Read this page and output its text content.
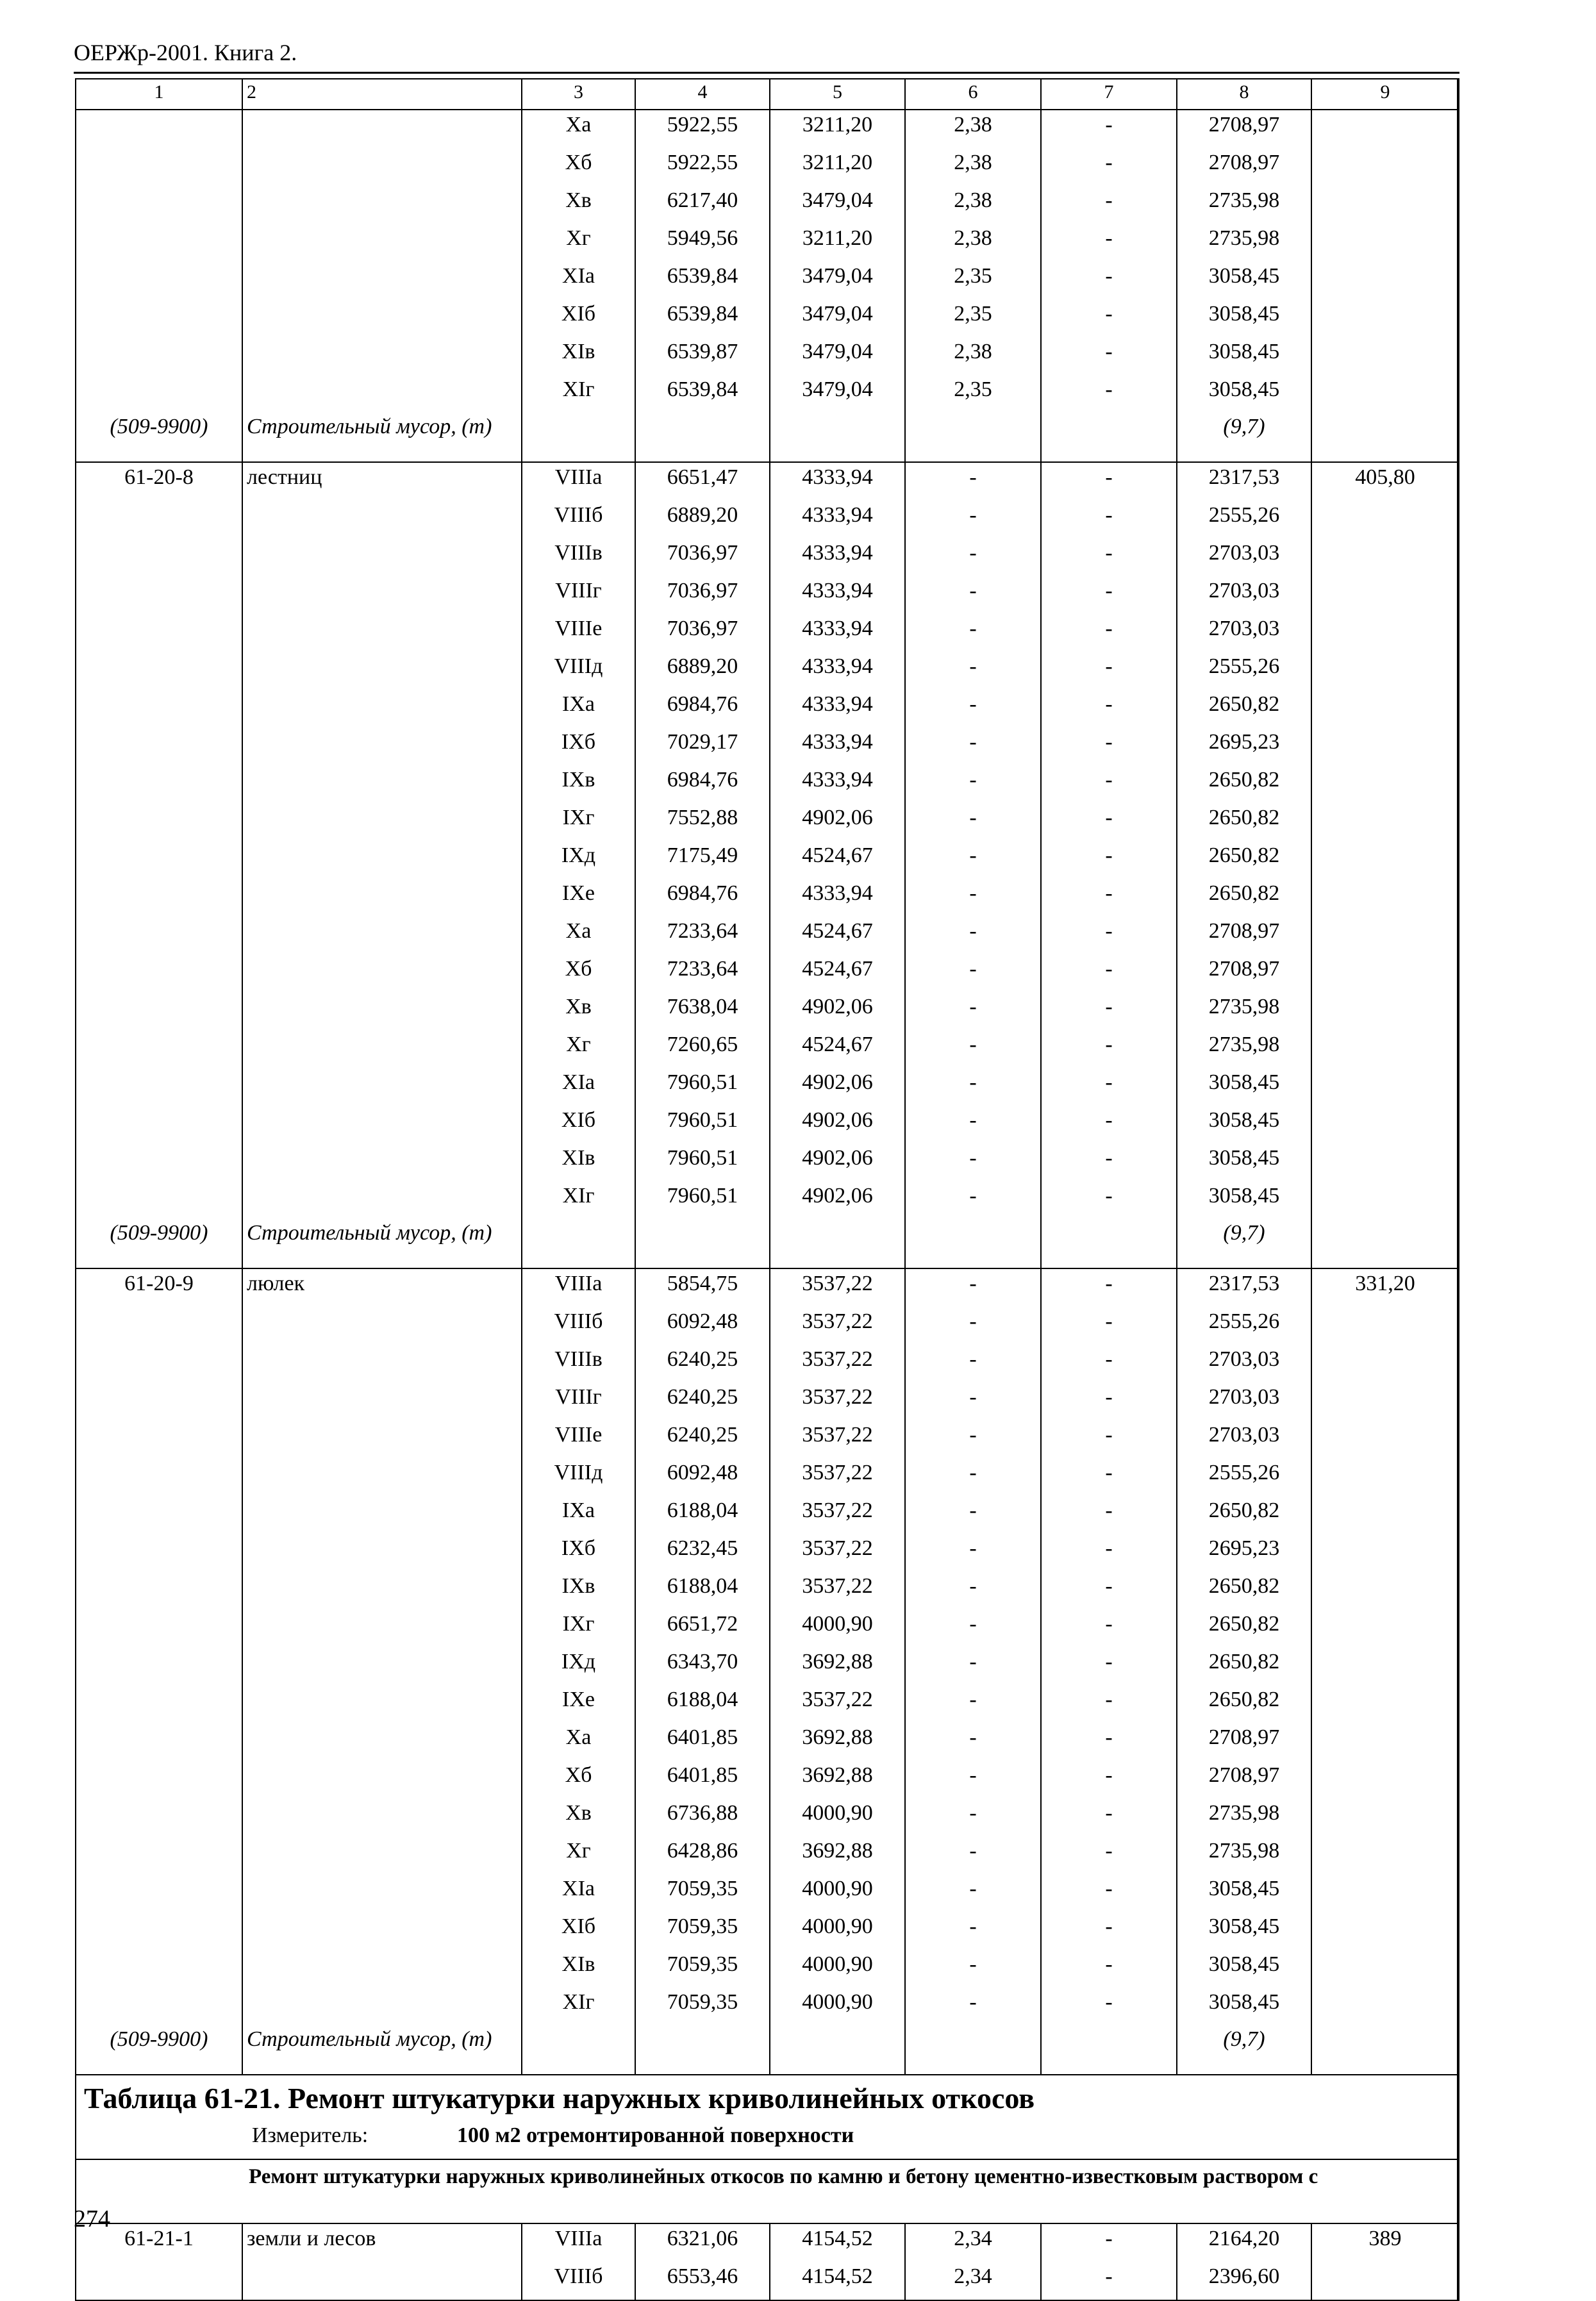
ОЕРЖр-2001. Книга 2.
1	2	3	4	5	6	7	8	9
		Xa	5922,55	3211,20	2,38	-	2708,97	
		Xб	5922,55	3211,20	2,38	-	2708,97	
		Xв	6217,40	3479,04	2,38	-	2735,98	
		Xг	5949,56	3211,20	2,38	-	2735,98	
		XIа	6539,84	3479,04	2,35	-	3058,45	
		XIб	6539,84	3479,04	2,35	-	3058,45	
		XIв	6539,87	3479,04	2,38	-	3058,45	
		XIг	6539,84	3479,04	2,35	-	3058,45	
(509-9900)	Строительный мусор, (т)						(9,7)	
61-20-8	лестниц	VIIIа	6651,47	4333,94	-	-	2317,53	405,80
		VIIIб	6889,20	4333,94	-	-	2555,26	
		VIIIв	7036,97	4333,94	-	-	2703,03	
		VIIIг	7036,97	4333,94	-	-	2703,03	
		VIIIе	7036,97	4333,94	-	-	2703,03	
		VIIIд	6889,20	4333,94	-	-	2555,26	
		IXа	6984,76	4333,94	-	-	2650,82	
		IXб	7029,17	4333,94	-	-	2695,23	
		IXв	6984,76	4333,94	-	-	2650,82	
		IXг	7552,88	4902,06	-	-	2650,82	
		IXд	7175,49	4524,67	-	-	2650,82	
		IXе	6984,76	4333,94	-	-	2650,82	
		Xа	7233,64	4524,67	-	-	2708,97	
		Xб	7233,64	4524,67	-	-	2708,97	
		Xв	7638,04	4902,06	-	-	2735,98	
		Xг	7260,65	4524,67	-	-	2735,98	
		XIа	7960,51	4902,06	-	-	3058,45	
		XIб	7960,51	4902,06	-	-	3058,45	
		XIв	7960,51	4902,06	-	-	3058,45	
		XIг	7960,51	4902,06	-	-	3058,45	
(509-9900)	Строительный мусор, (т)						(9,7)	
61-20-9	люлек	VIIIа	5854,75	3537,22	-	-	2317,53	331,20
		VIIIб	6092,48	3537,22	-	-	2555,26	
		VIIIв	6240,25	3537,22	-	-	2703,03	
		VIIIг	6240,25	3537,22	-	-	2703,03	
		VIIIе	6240,25	3537,22	-	-	2703,03	
		VIIIд	6092,48	3537,22	-	-	2555,26	
		IXа	6188,04	3537,22	-	-	2650,82	
		IXб	6232,45	3537,22	-	-	2695,23	
		IXв	6188,04	3537,22	-	-	2650,82	
		IXг	6651,72	4000,90	-	-	2650,82	
		IXд	6343,70	3692,88	-	-	2650,82	
		IXе	6188,04	3537,22	-	-	2650,82	
		Xа	6401,85	3692,88	-	-	2708,97	
		Xб	6401,85	3692,88	-	-	2708,97	
		Xв	6736,88	4000,90	-	-	2735,98	
		Xг	6428,86	3692,88	-	-	2735,98	
		XIа	7059,35	4000,90	-	-	3058,45	
		XIб	7059,35	4000,90	-	-	3058,45	
		XIв	7059,35	4000,90	-	-	3058,45	
		XIг	7059,35	4000,90	-	-	3058,45	
(509-9900)	Строительный мусор, (т)						(9,7)	

Таблица 61-21. Ремонт штукатурки наружных криволинейных откосов
Измеритель: 100 м2 отремонтированной поверхности								

Ремонт штукатурки наружных криволинейных откосов по камню и бетону цементно-известковым раствором с								

61-21-1	земли и лесов	VIIIа	6321,06	4154,52	2,34	-	2164,20	389
		VIIIб	6553,46	4154,52	2,34	-	2396,60	
274
